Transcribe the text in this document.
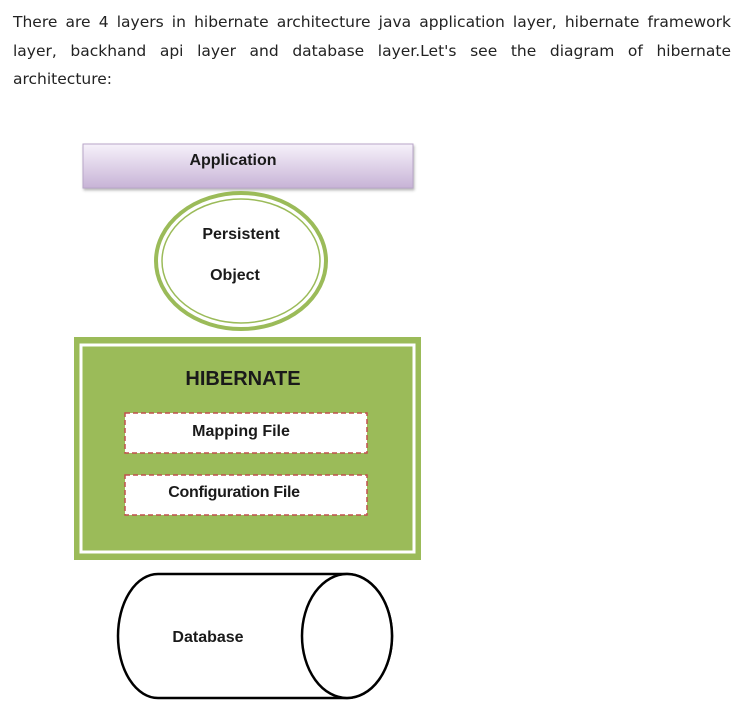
There are 4 layers in hibernate architecture java application layer, hibernate framework layer, backhand api layer and database layer.Let's see the diagram of hibernate architecture:

Application
Persistent
Object
HIBERNATE
Mapping File
Configuration File
Database
